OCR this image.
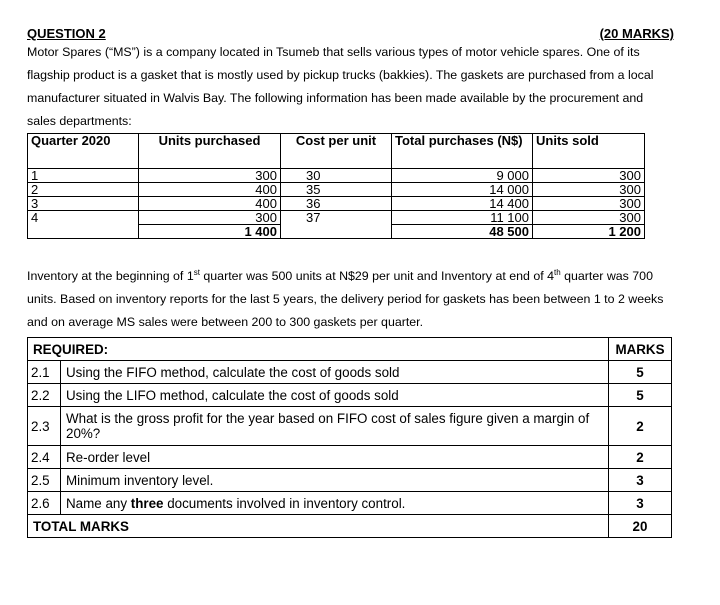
QUESTION 2	(20 MARKS)
Motor Spares (“MS”) is a company located in Tsumeb that sells various types of motor vehicle spares. One of its flagship product is a gasket that is mostly used by pickup trucks (bakkies). The gaskets are purchased from a local manufacturer situated in Walvis Bay. The following information has been made available by the procurement and sales departments:
Quarter 2020	Units purchased	Cost per unit	Total purchases (N$)	Units sold
1	300	30	9 000	300
2	400	35	14 000	300
3	400	36	14 400	300
4	300	37	11 100	300
	1 400		48 500	1 200
Inventory at the beginning of 1st quarter was 500 units at N$29 per unit and Inventory at end of 4th quarter was 700 units. Based on inventory reports for the last 5 years, the delivery period for gaskets has been between 1 to 2 weeks and on average MS sales were between 200 to 300 gaskets per quarter.
REQUIRED:		MARKS
2.1	Using the FIFO method, calculate the cost of goods sold	5
2.2	Using the LIFO method, calculate the cost of goods sold	5
2.3	What is the gross profit for the year based on FIFO cost of sales figure given a margin of 20%?	2
2.4	Re-order level	2
2.5	Minimum inventory level.	3
2.6	Name any three documents involved in inventory control.	3
TOTAL MARKS		20
